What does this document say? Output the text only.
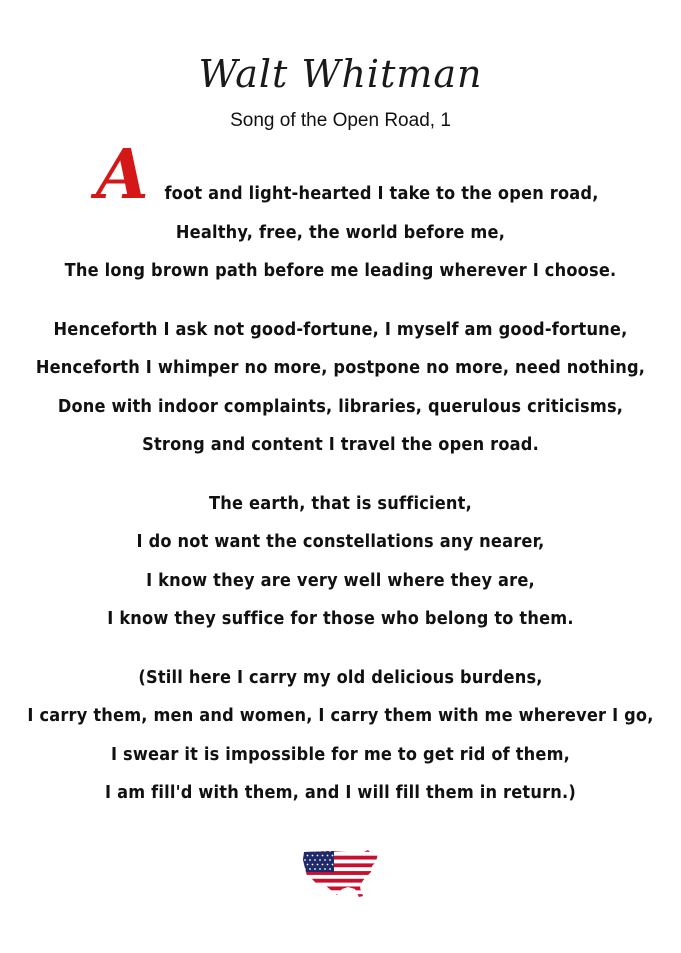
Walt Whitman
Song of the Open Road, 1
A foot and light-hearted I take to the open road,
Healthy, free, the world before me,
The long brown path before me leading wherever I choose.
Henceforth I ask not good-fortune, I myself am good-fortune,
Henceforth I whimper no more, postpone no more, need nothing,
Done with indoor complaints, libraries, querulous criticisms,
Strong and content I travel the open road.
The earth, that is sufficient,
I do not want the constellations any nearer,
I know they are very well where they are,
I know they suffice for those who belong to them.
(Still here I carry my old delicious burdens,
I carry them, men and women, I carry them with me wherever I go,
I swear it is impossible for me to get rid of them,
I am fill'd with them, and I will fill them in return.)
